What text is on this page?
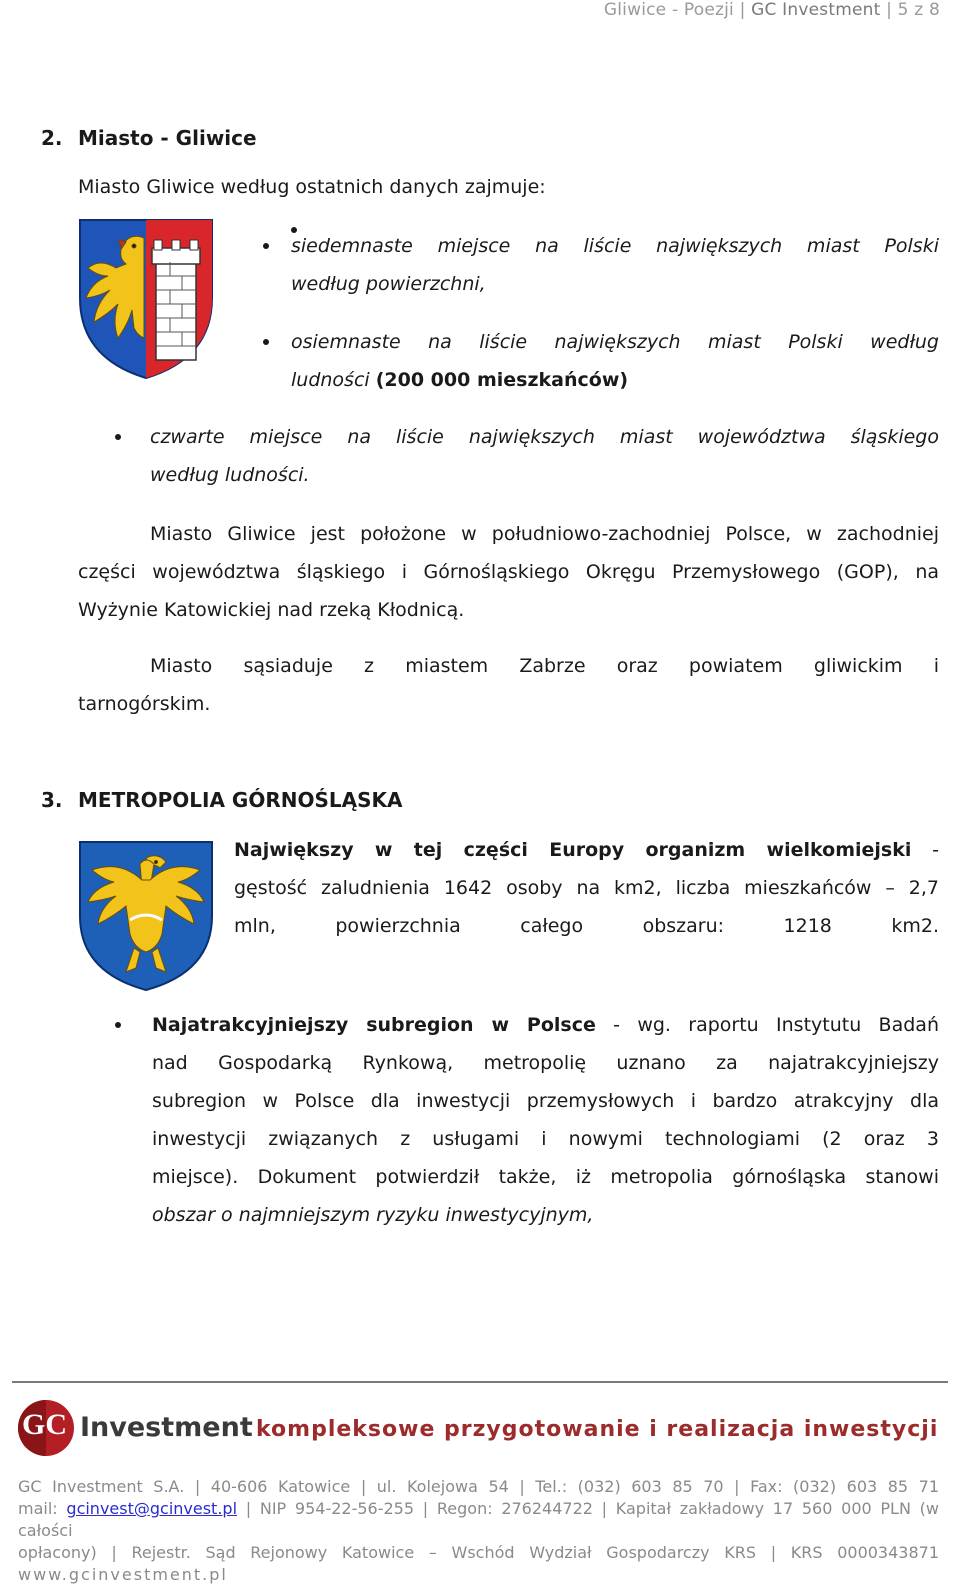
Gliwice - Poezji | GC Investment | 5 z 8
2. Miasto - Gliwice
Miasto Gliwice według ostatnich danych zajmuje:
siedemnaste miejsce na liście największych miast Polski
według powierzchni,
osiemnaste na liście największych miast Polski według
ludności (200 000 mieszkańców)
czwarte miejsce na liście największych miast województwa śląskiego
według ludności.
Miasto Gliwice jest położone w południowo-zachodniej Polsce, w zachodniej
części województwa śląskiego i Górnośląskiego Okręgu Przemysłowego (GOP), na
Wyżynie Katowickiej nad rzeką Kłodnicą.
Miasto sąsiaduje z miastem Zabrze oraz powiatem gliwickim i
tarnogórskim.
3. METROPOLIA GÓRNOŚLĄSKA
Największy w tej części Europy organizm wielkomiejski -
gęstość zaludnienia 1642 osoby na km2, liczba mieszkańców – 2,7
mln, powierzchnia całego obszaru: 1218 km2.
Najatrakcyjniejszy subregion w Polsce - wg. raportu Instytutu Badań
nad Gospodarką Rynkową, metropolię uznano za najatrakcyjniejszy
subregion w Polsce dla inwestycji przemysłowych i bardzo atrakcyjny dla
inwestycji związanych z usługami i nowymi technologiami (2 oraz 3
miejsce). Dokument potwierdził także, iż metropolia górnośląska stanowi
obszar o najmniejszym ryzyku inwestycyjnym,
GC Investment kompleksowe przygotowanie i realizacja inwestycji
GC Investment S.A. | 40-606 Katowice | ul. Kolejowa 54 | Tel.: (032) 603 85 70 | Fax: (032) 603 85 71
mail: gcinvest@gcinvest.pl | NIP 954-22-56-255 | Regon: 276244722 | Kapitał zakładowy 17 560 000 PLN (w całości
opłacony) | Rejestr. Sąd Rejonowy Katowice – Wschód Wydział Gospodarczy KRS | KRS 0000343871
www.gcinvestment.pl
